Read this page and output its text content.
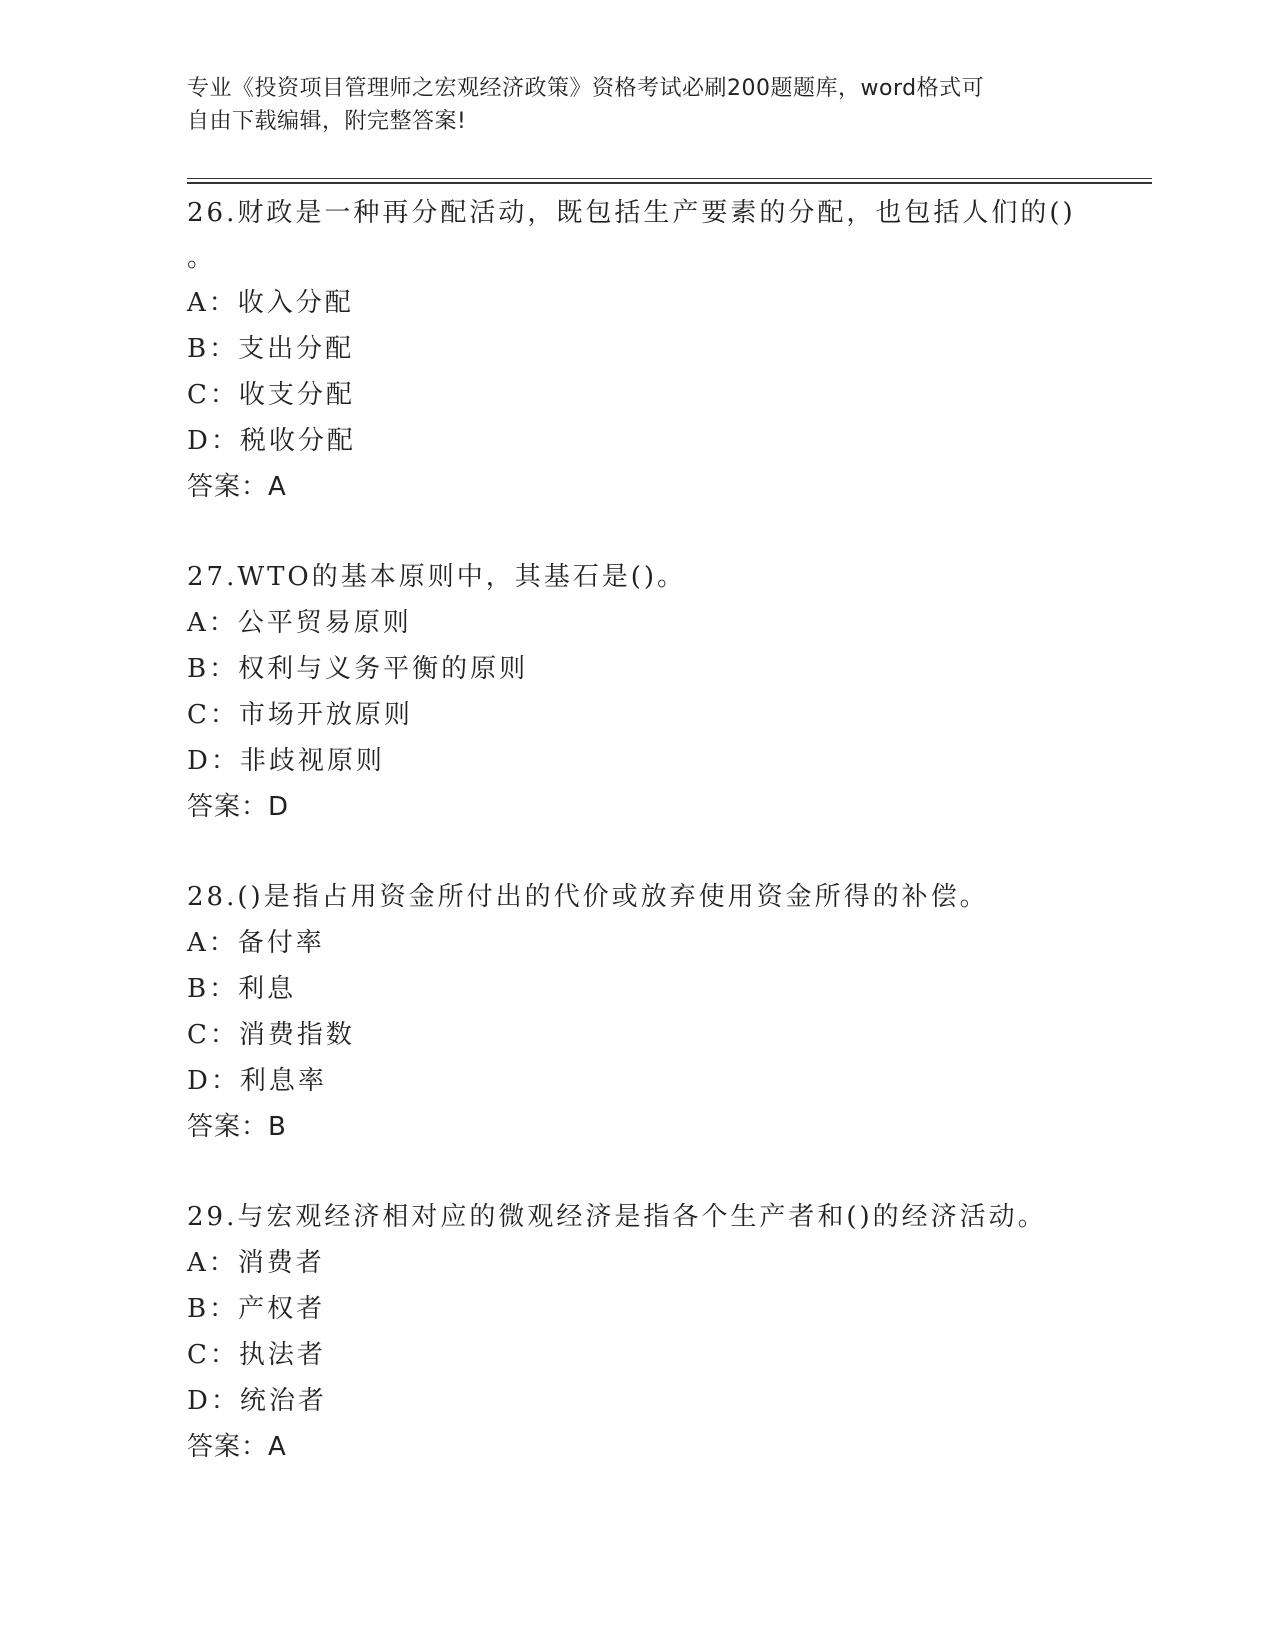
专业《投资项目管理师之宏观经济政策》资格考试必刷200题题库，word格式可
自由下载编辑，附完整答案!
26.财政是一种再分配活动，既包括生产要素的分配，也包括人们的()
。
A：收入分配
B：支出分配
C：收支分配
D：税收分配
答案：A
27.WTO的基本原则中，其基石是()。
A：公平贸易原则
B：权利与义务平衡的原则
C：市场开放原则
D：非歧视原则
答案：D
28.()是指占用资金所付出的代价或放弃使用资金所得的补偿。
A：备付率
B：利息
C：消费指数
D：利息率
答案：B
29.与宏观经济相对应的微观经济是指各个生产者和()的经济活动。
A：消费者
B：产权者
C：执法者
D：统治者
答案：A
